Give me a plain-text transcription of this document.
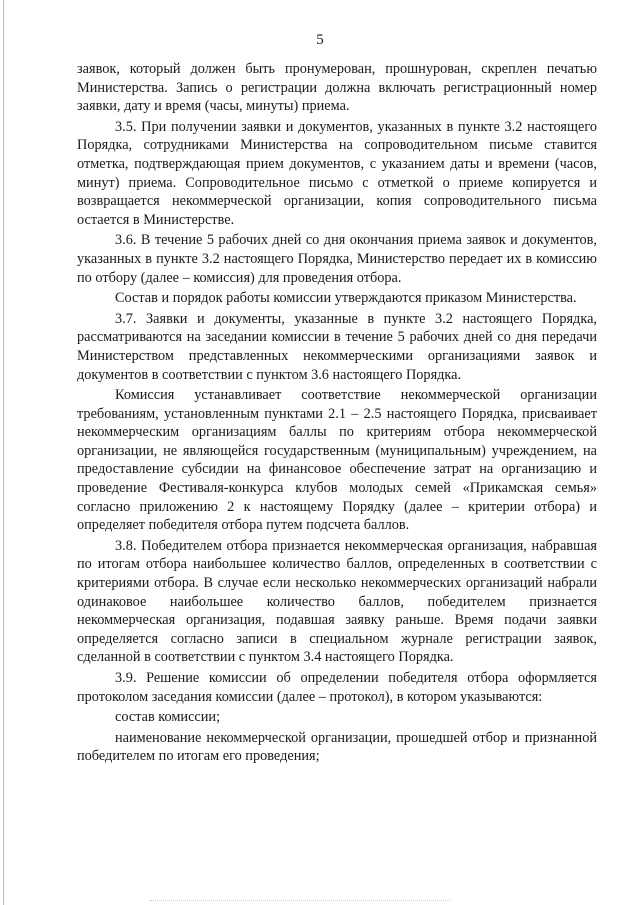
5

заявок, который должен быть пронумерован, прошнурован, скреплен печатью Министерства. Запись о регистрации должна включать регистрационный номер заявки, дату и время (часы, минуты) приема.

3.5. При получении заявки и документов, указанных в пункте 3.2 настоящего Порядка, сотрудниками Министерства на сопроводительном письме ставится отметка, подтверждающая прием документов, с указанием даты и времени (часов, минут) приема. Сопроводительное письмо с отметкой о приеме копируется и возвращается некоммерческой организации, копия сопроводительного письма остается в Министерстве.

3.6. В течение 5 рабочих дней со дня окончания приема заявок и документов, указанных в пункте 3.2 настоящего Порядка, Министерство передает их в комиссию по отбору (далее – комиссия) для проведения отбора.

Состав и порядок работы комиссии утверждаются приказом Министерства.

3.7. Заявки и документы, указанные в пункте 3.2 настоящего Порядка, рассматриваются на заседании комиссии в течение 5 рабочих дней со дня передачи Министерством представленных некоммерческими организациями заявок и документов в соответствии с пунктом 3.6 настоящего Порядка.

Комиссия устанавливает соответствие некоммерческой организации требованиям, установленным пунктами 2.1 – 2.5 настоящего Порядка, присваивает некоммерческим организациям баллы по критериям отбора некоммерческой организации, не являющейся государственным (муниципальным) учреждением, на предоставление субсидии на финансовое обеспечение затрат на организацию и проведение Фестиваля-конкурса клубов молодых семей «Прикамская семья» согласно приложению 2 к настоящему Порядку (далее – критерии отбора) и определяет победителя отбора путем подсчета баллов.

3.8. Победителем отбора признается некоммерческая организация, набравшая по итогам отбора наибольшее количество баллов, определенных в соответствии с критериями отбора. В случае если несколько некоммерческих организаций набрали одинаковое наибольшее количество баллов, победителем признается некоммерческая организация, подавшая заявку раньше. Время подачи заявки определяется согласно записи в специальном журнале регистрации заявок, сделанной в соответствии с пунктом 3.4 настоящего Порядка.

3.9. Решение комиссии об определении победителя отбора оформляется протоколом заседания комиссии (далее – протокол), в котором указываются:

состав комиссии;

наименование некоммерческой организации, прошедшей отбор и признанной победителем по итогам его проведения;
